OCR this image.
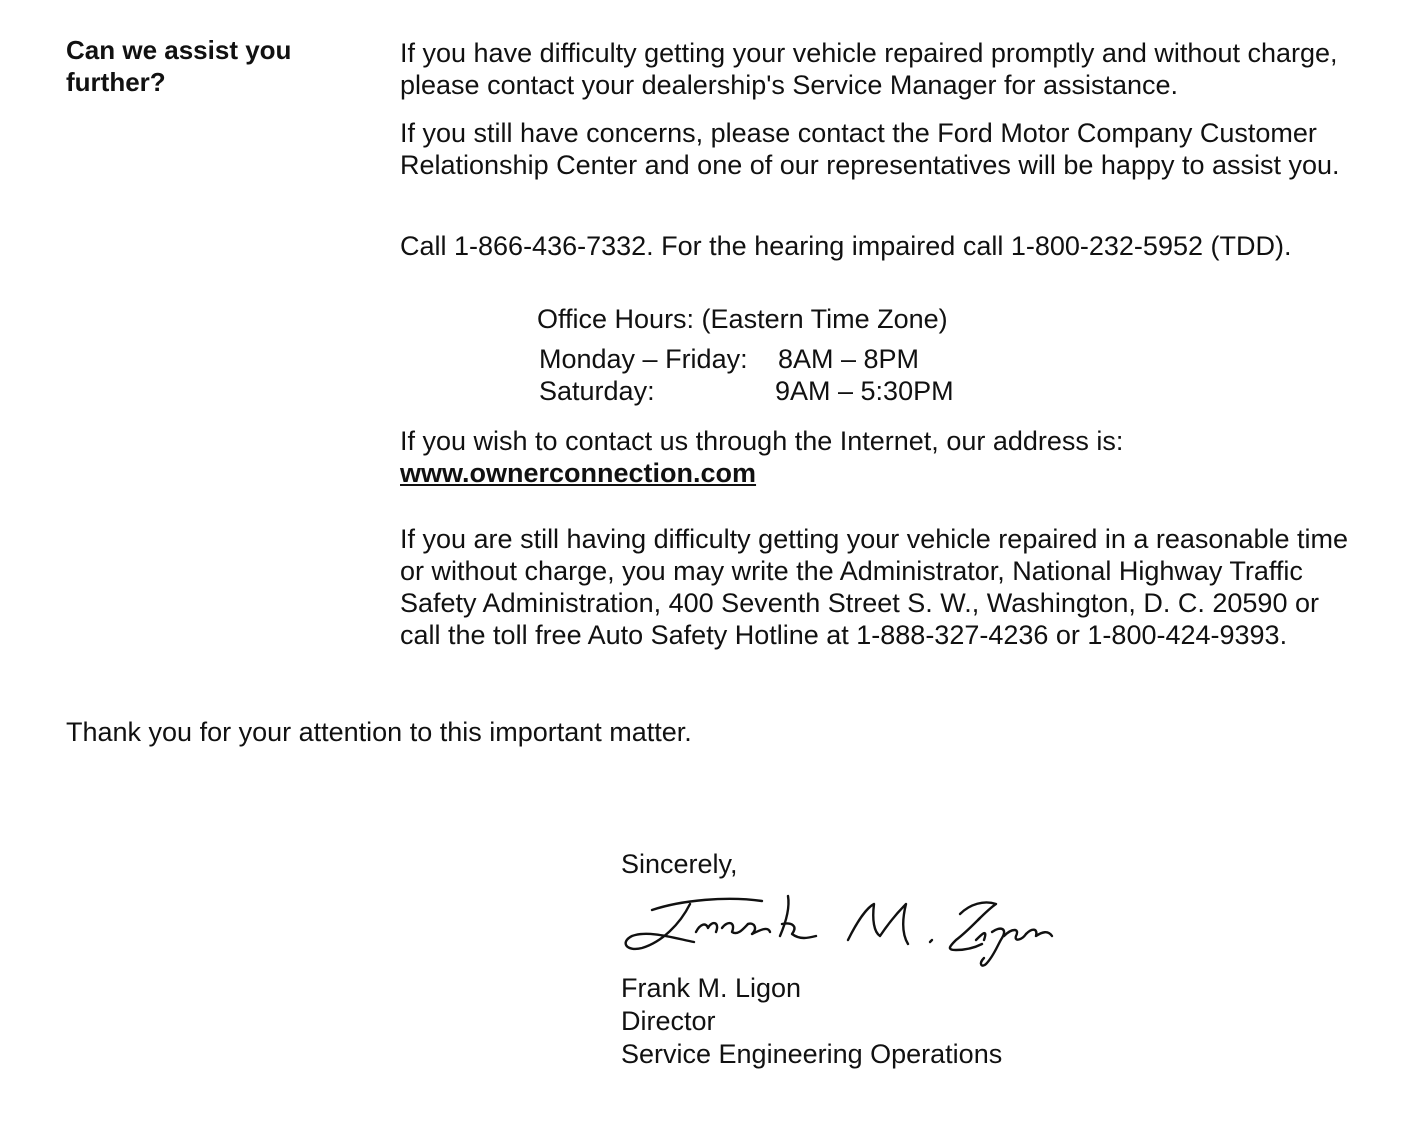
Can we assist you further?

If you have difficulty getting your vehicle repaired promptly and without charge, please contact your dealership's Service Manager for assistance.

If you still have concerns, please contact the Ford Motor Company Customer Relationship Center and one of our representatives will be happy to assist you.

Call 1-866-436-7332. For the hearing impaired call 1-800-232-5952 (TDD).

Office Hours: (Eastern Time Zone)
Monday – Friday: 8AM – 8PM
Saturday:	9AM – 5:30PM
If you wish to contact us through the Internet, our address is:
www.ownerconnection.com

If you are still having difficulty getting your vehicle repaired in a reasonable time or without charge, you may write the Administrator, National Highway Traffic Safety Administration, 400 Seventh Street S. W., Washington, D. C. 20590 or call the toll free Auto Safety Hotline at 1-888-327-4236 or 1-800-424-9393.

Thank you for your attention to this important matter.
Sincerely,
Frank M. Ligon
Director
Service Engineering Operations
